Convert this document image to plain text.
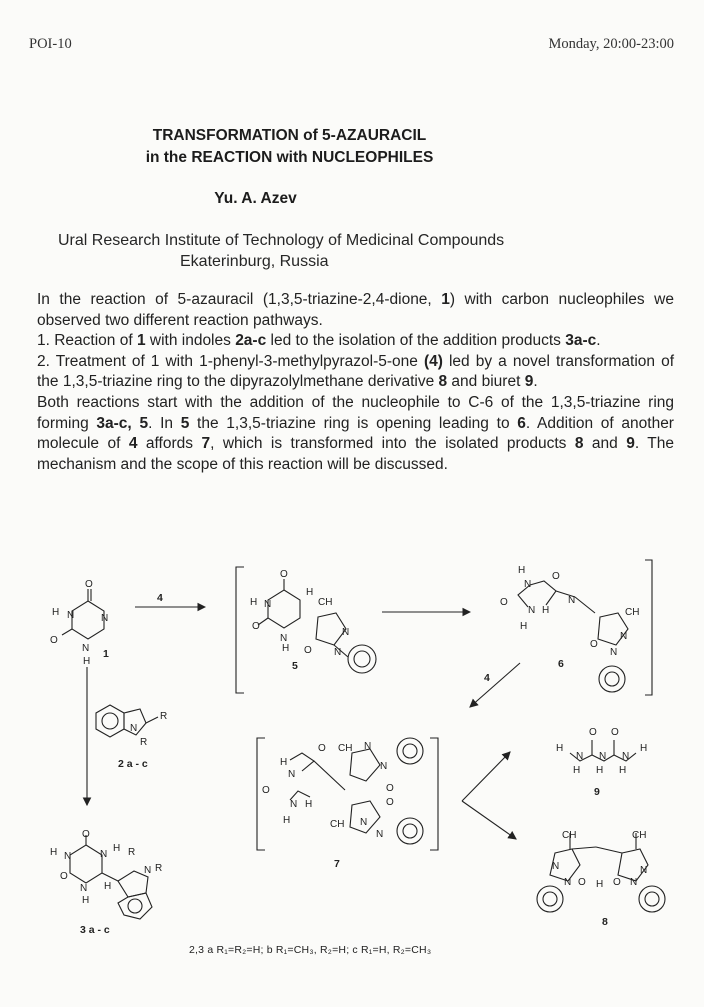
POI-10	Monday, 20:00-23:00
TRANSFORMATION of 5-AZAURACIL
in the REACTION with NUCLEOPHILES
Yu. A. Azev
Ural Research Institute of Technology of Medicinal Compounds
Ekaterinburg, Russia

In the reaction of 5-azauracil (1,3,5-triazine-2,4-dione, 1) with carbon nucleophiles we observed two different reaction pathways.

1. Reaction of 1 with indoles 2a-c led to the isolation of the addition products 3a-c.

2. Treatment of 1 with 1-phenyl-3-methylpyrazol-5-one (4) led by a novel transformation of the 1,3,5-triazine ring to the dipyrazolylmethane derivative 8 and biuret 9.

Both reactions start with the addition of the nucleophile to C-6 of the 1,3,5-triazine ring forming 3a-c, 5. In 5 the 1,3,5-triazine ring is opening leading to 6. Addition of another molecule of 4 affords 7, which is transformed into the isolated products 8 and 9. The mechanism and the scope of this reaction will be discussed.

O
H N	N
O
N
H
O
H N
H
CH
N
N
O
N
H O
H
N
O
O
N H
H
N
CH
N
N
O
N
R
R
CH N
N
O
H
N
O
O
N H
H
O
CH N
N
O O
H
N N N
H
H H H
CH	CH
N
N
N
N
H O
O
O
H N	N
H R
N R
O
N H
H
1
5	6
2 a - c
7
9
3 a - c
8
4
4
2,3 a R₁=R₂=H; b R₁=CH₃, R₂=H; c R₁=H, R₂=CH₃
